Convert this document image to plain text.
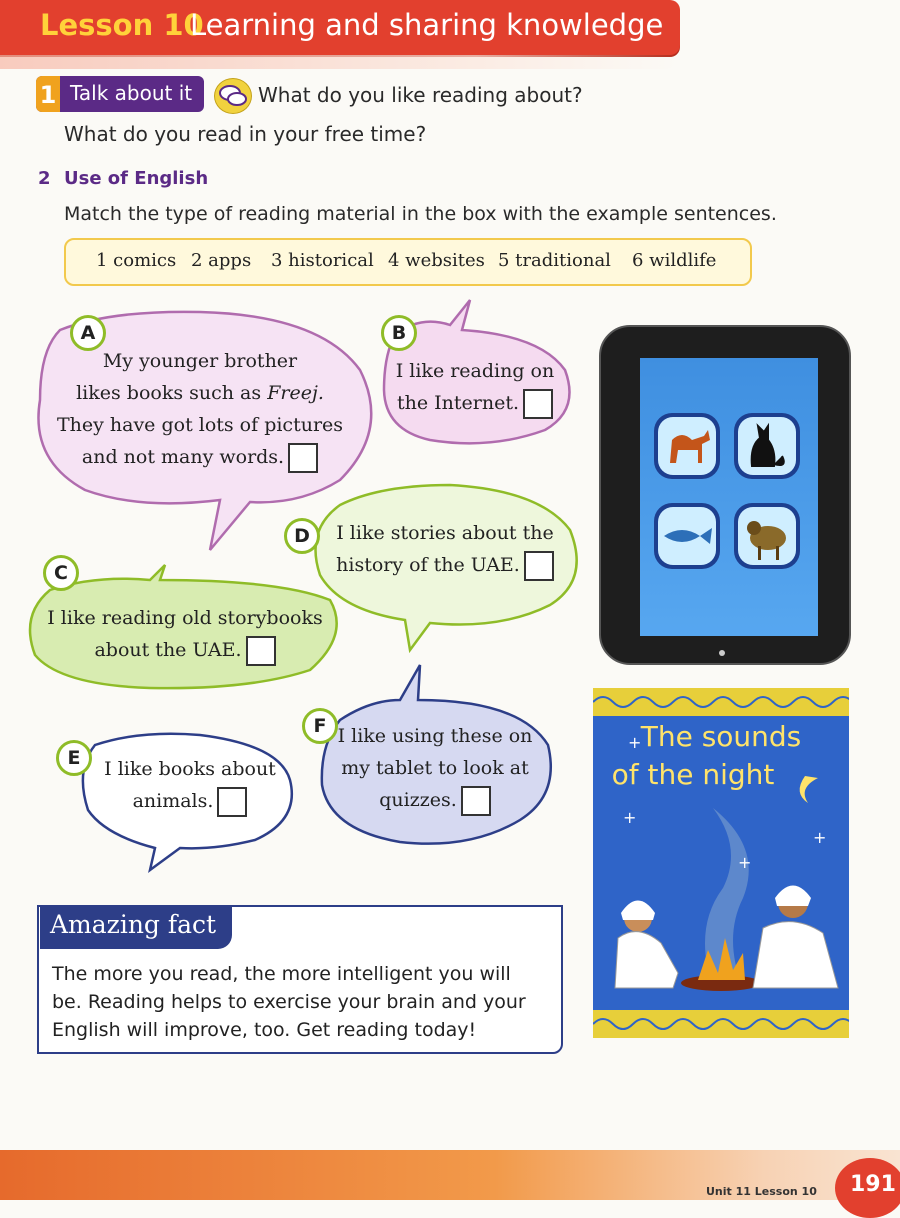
Lesson 10
Learning and sharing knowledge
1 Talk about it	What do you like reading about?
What do you read in your free time?
2 Use of English
Match the type of reading material in the box with the example sentences.
1 comics 2 apps 3 historical 4 websites 5 traditional 6 wildlife
A	B
C
D
E
F
My younger brother
likes books such as Freej.
They have got lots of pictures
and not many words.
I like reading on
the Internet.
I like stories about the
history of the UAE.
I like reading old storybooks
about the UAE.
I like using these on
my tablet to look at
quizzes.
I like books about
animals.
+
+
+
+
The sounds
of the night
Amazing fact
The more you read, the more intelligent you will
be. Reading helps to exercise your brain and your
English will improve, too. Get reading today!
Unit 11 Lesson 10 191
